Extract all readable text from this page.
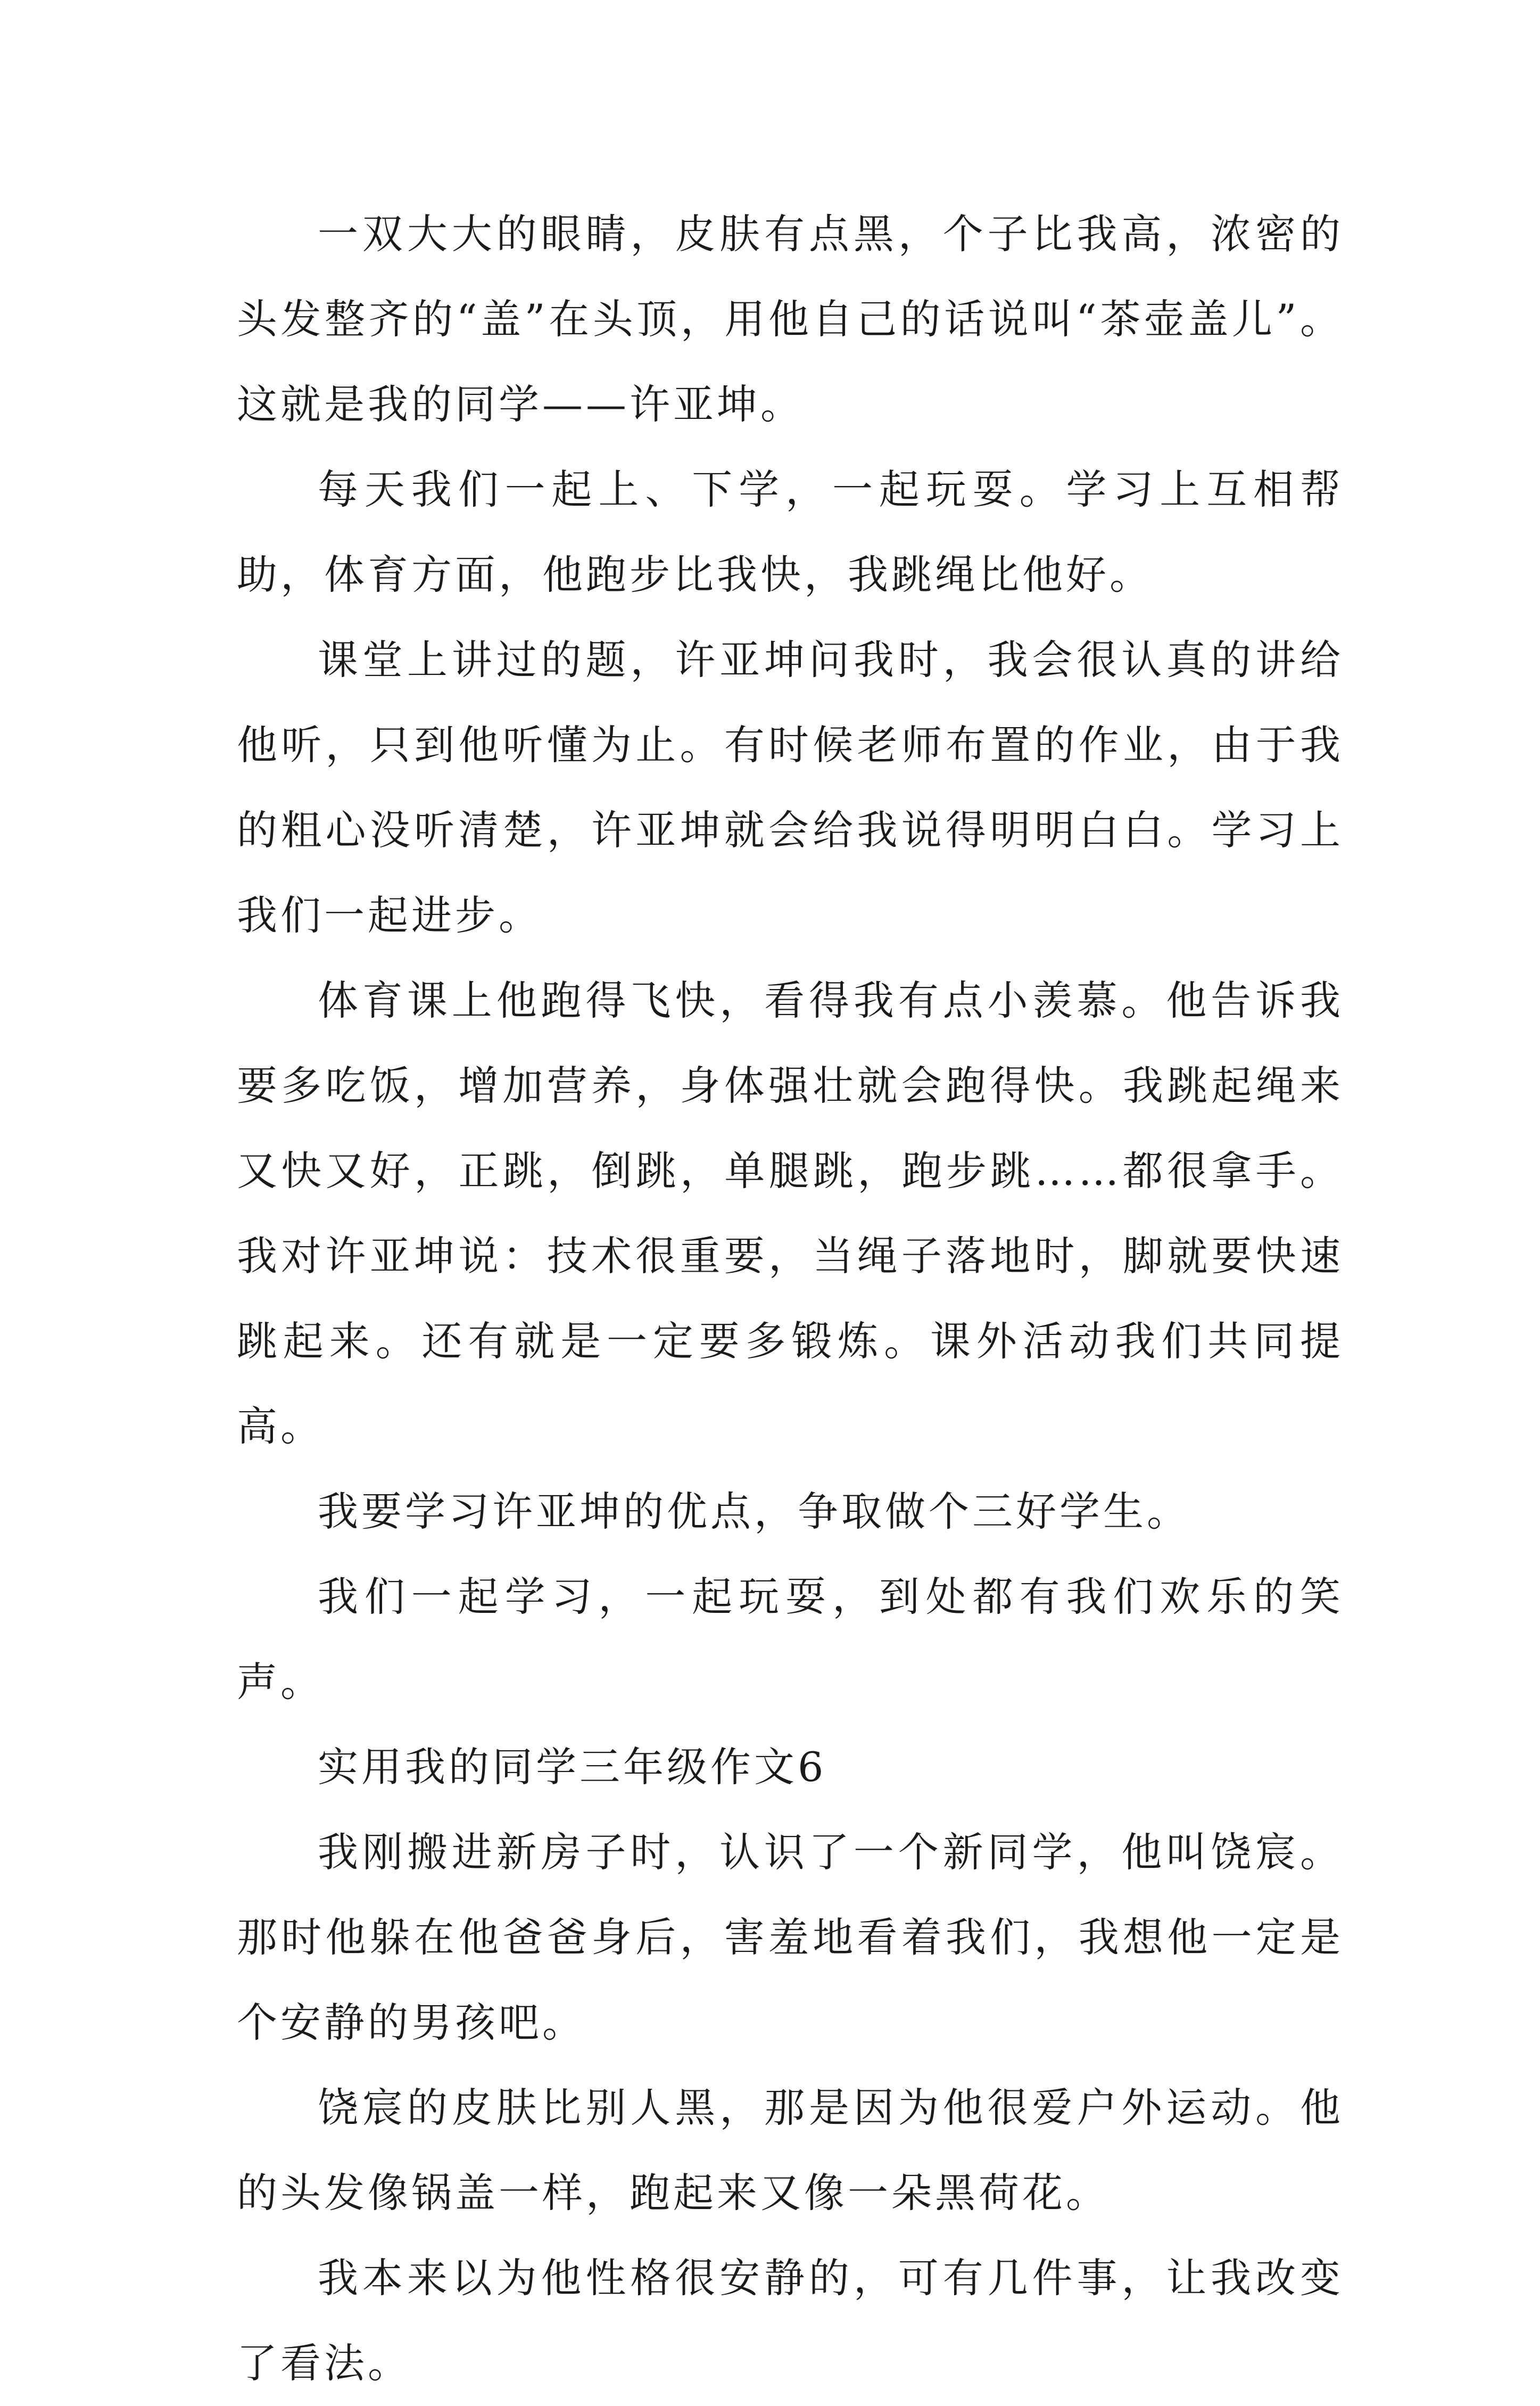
一双大大的眼睛，皮肤有点黑，个子比我高，浓密的头发整齐的“盖”在头顶，用他自己的话说叫“茶壶盖儿”。这就是我的同学——许亚坤。

每天我们一起上、下学，一起玩耍。学习上互相帮助，体育方面，他跑步比我快，我跳绳比他好。

课堂上讲过的题，许亚坤问我时，我会很认真的讲给他听，只到他听懂为止。有时候老师布置的作业，由于我的粗心没听清楚，许亚坤就会给我说得明明白白。学习上我们一起进步。

体育课上他跑得飞快，看得我有点小羡慕。他告诉我要多吃饭，增加营养，身体强壮就会跑得快。我跳起绳来又快又好，正跳，倒跳，单腿跳，跑步跳……都很拿手。我对许亚坤说：技术很重要，当绳子落地时，脚就要快速跳起来。还有就是一定要多锻炼。课外活动我们共同提高。

我要学习许亚坤的优点，争取做个三好学生。

我们一起学习，一起玩耍，到处都有我们欢乐的笑声。

实用我的同学三年级作文6

我刚搬进新房子时，认识了一个新同学，他叫饶宸。那时他躲在他爸爸身后，害羞地看着我们，我想他一定是个安静的男孩吧。

饶宸的皮肤比别人黑，那是因为他很爱户外运动。他的头发像锅盖一样，跑起来又像一朵黑荷花。

我本来以为他性格很安静的，可有几件事，让我改变了看法。
